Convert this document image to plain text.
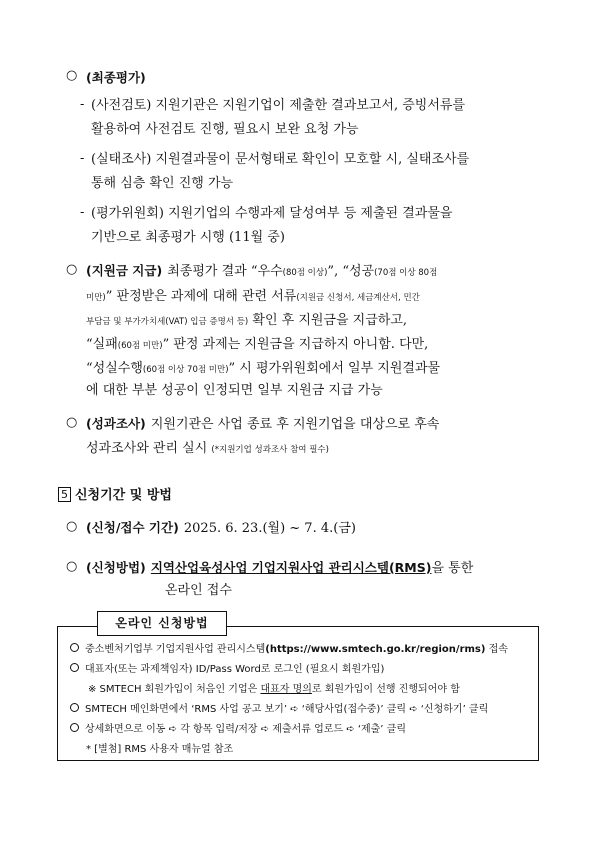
○ (최종평가)
- (사전검토) 지원기관은 지원기업이 제출한 결과보고서, 증빙서류를
활용하여 사전검토 진행, 필요시 보완 요청 가능
- (실태조사) 지원결과물이 문서형태로 확인이 모호할 시, 실태조사를
통해 심층 확인 진행 가능
- (평가위원회) 지원기업의 수행과제 달성여부 등 제출된 결과물을
기반으로 최종평가 시행 (11월 중)
○ (지원금 지급) 최종평가 결과 “우수(80점 이상)”, “성공(70점 이상 80점
미만)” 판정받은 과제에 대해 관련 서류(지원금 신청서, 세금계산서, 민간
부담금 및 부가가치세(VAT) 입금 증명서 등) 확인 후 지원금을 지급하고,
“실패(60점 미만)” 판정 과제는 지원금을 지급하지 아니함. 다만,
“성실수행(60점 이상 70점 미만)” 시 평가위원회에서 일부 지원결과물
에 대한 부분 성공이 인정되면 일부 지원금 지급 가능
○ (성과조사) 지원기관은 사업 종료 후 지원기업을 대상으로 후속
성과조사와 관리 실시 (*지원기업 성과조사 참여 필수)
5 신청기간 및 방법
○ (신청/접수 기간) 2025. 6. 23.(월) ~ 7. 4.(금)
○ (신청방법) 지역산업육성사업 기업지원사업 관리시스템(RMS)을 통한
온라인 접수
온라인 신청방법
중소벤처기업부 기업지원사업 관리시스템(https://www.smtech.go.kr/region/rms) 접속
대표자(또는 과제책임자) ID/Pass Word로 로그인 (필요시 회원가입)
※ SMTECH 회원가입이 처음인 기업은 대표자 명의로 회원가입이 선행 진행되어야 함
SMTECH 메인화면에서 ‘RMS 사업 공고 보기’ ➪ ‘해당사업(접수중)’ 클릭 ➪ ‘신청하기’ 클릭
상세화면으로 이동 ➪ 각 항목 입력/저장 ➪ 제출서류 업로드 ➪ ‘제출’ 클릭
* [별첨] RMS 사용자 매뉴얼 참조
